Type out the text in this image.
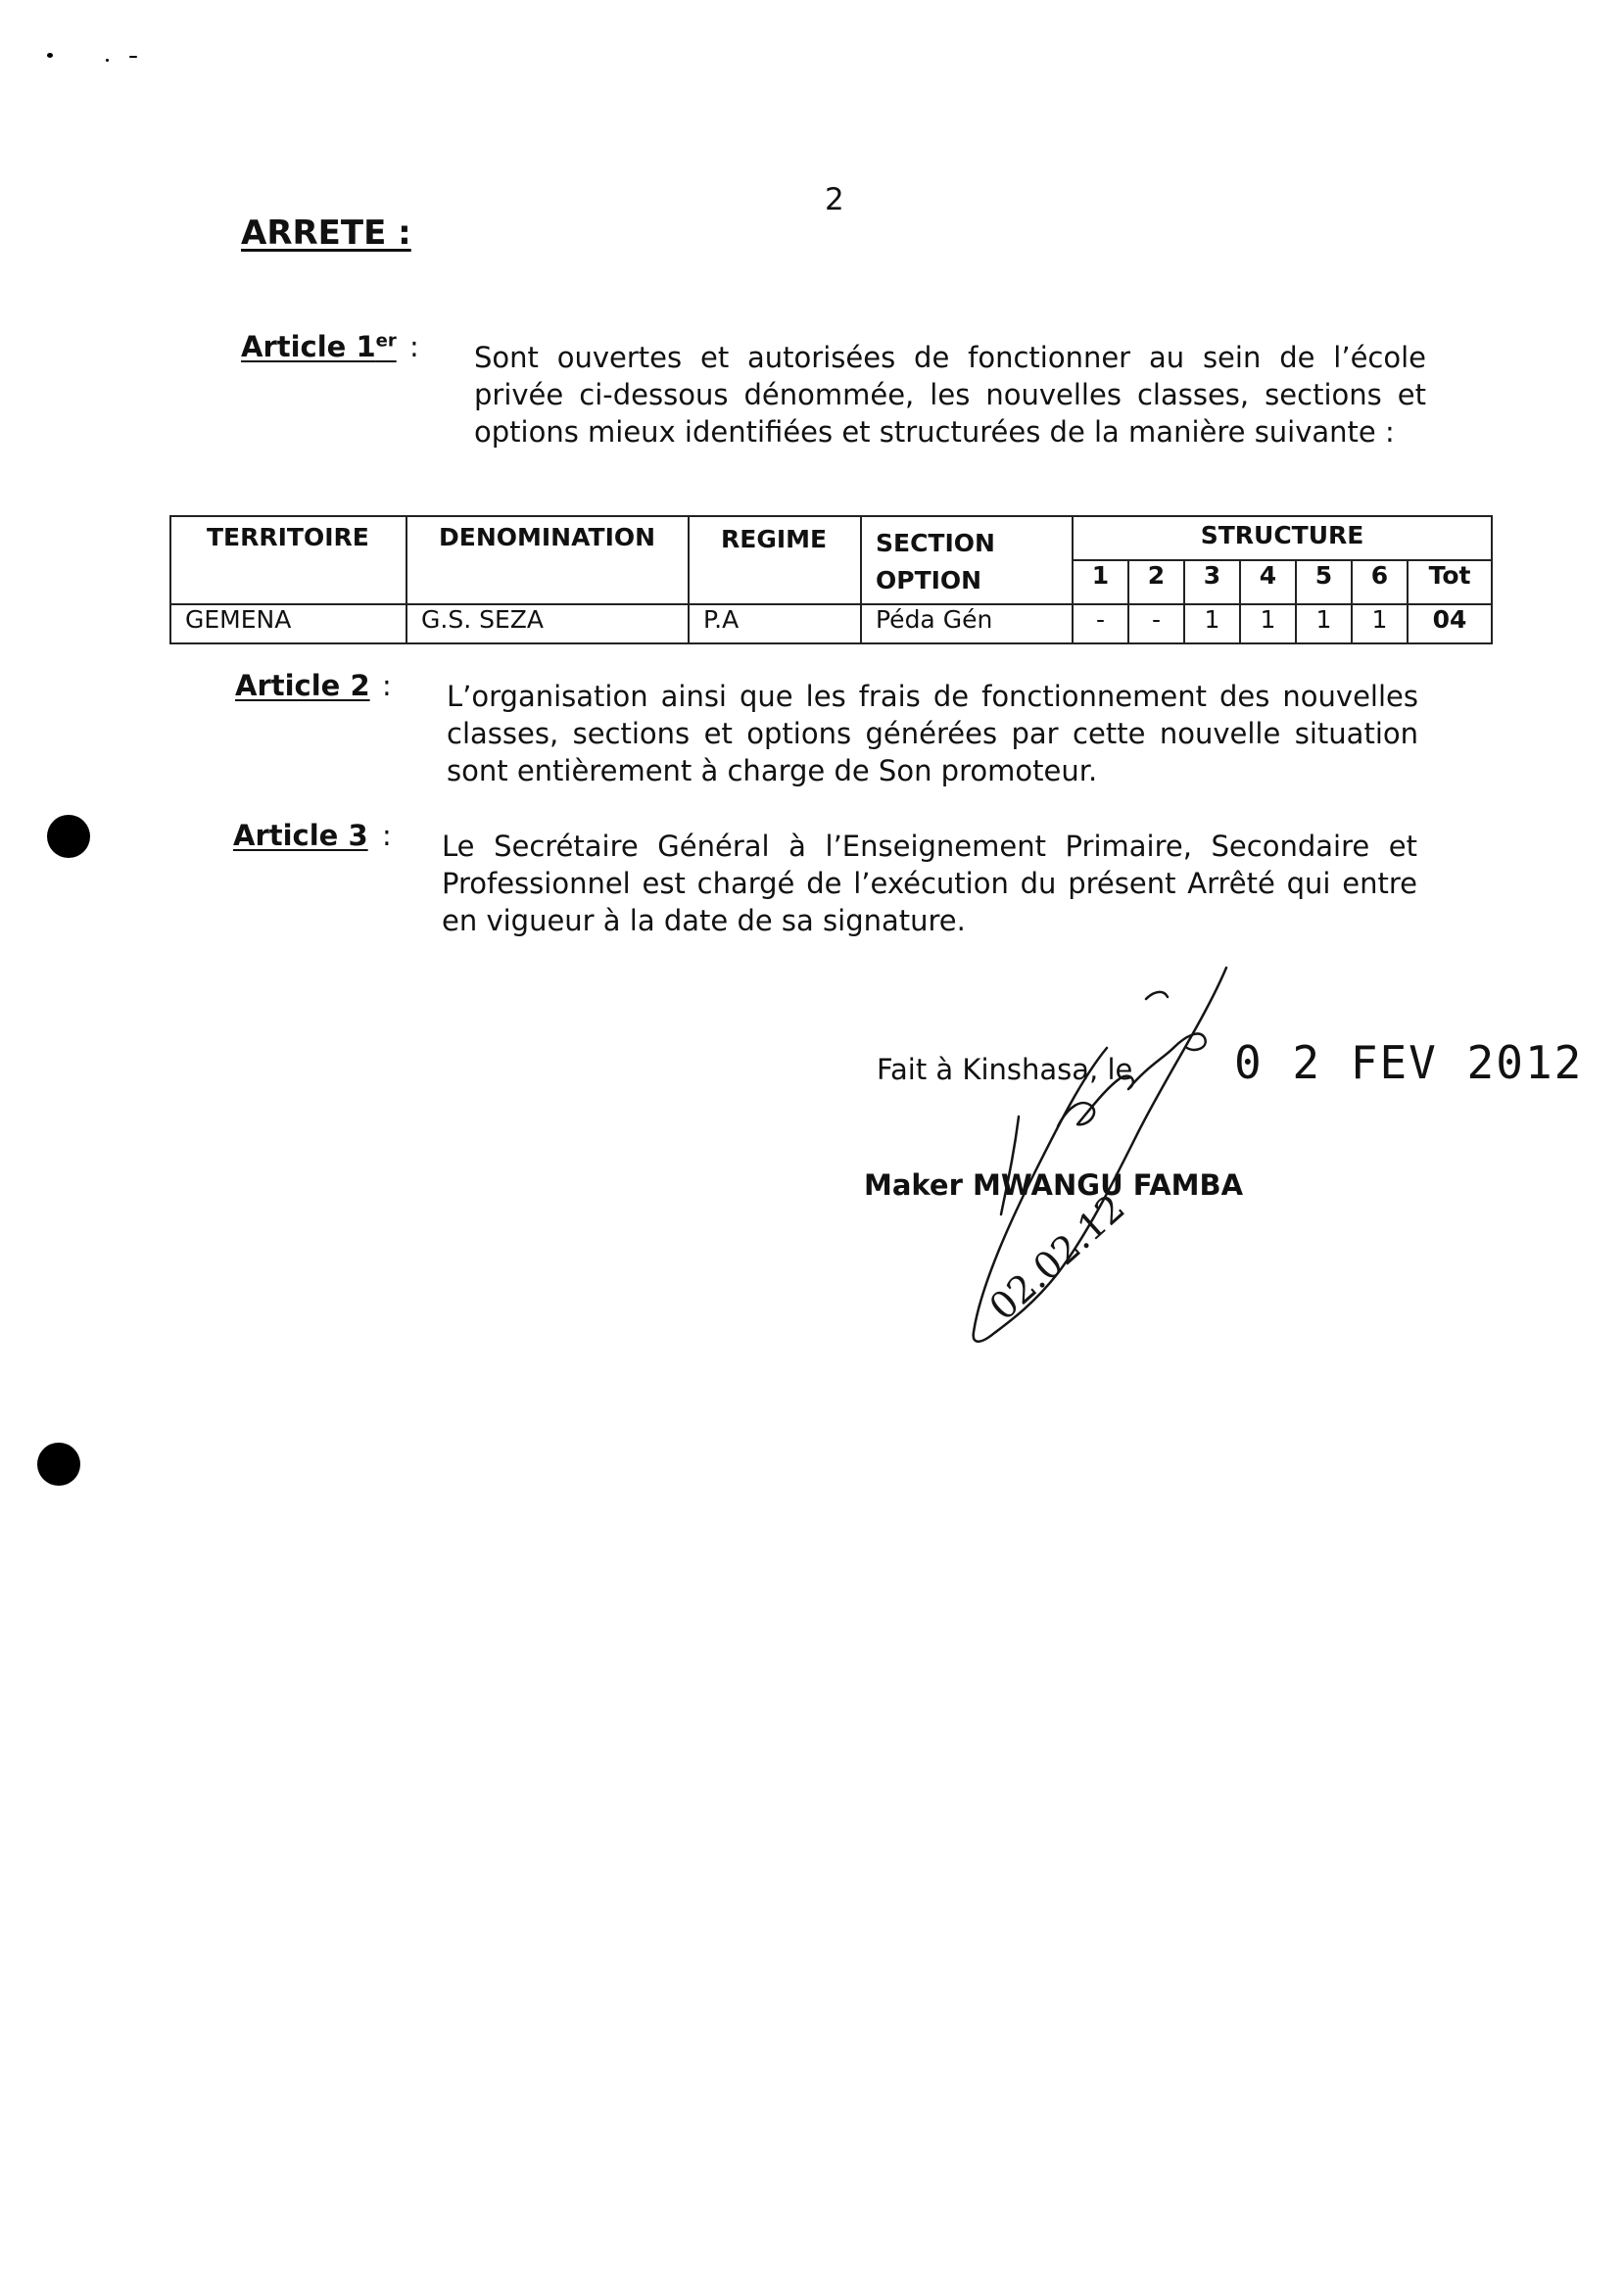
2
ARRETE :
Article 1er : Sont ouvertes et autorisées de fonctionner au sein de l’école privée ci-dessous dénommée, les nouvelles classes, sections et options mieux identifiées et structurées de la manière suivante :
TERRITOIRE	DENOMINATION	REGIME	SECTION OPTION	STRUCTURE						
				1	2	3	4	5	6	Tot
GEMENA	G.S. SEZA	P.A	Péda Gén	-	-	1	1	1	1	04
Article 2 : L’organisation ainsi que les frais de fonctionnement des nouvelles classes, sections et options générées par cette nouvelle situation sont entièrement à charge de Son promoteur.
Article 3 : Le Secrétaire Général à l’Enseignement Primaire, Secondaire et Professionnel est chargé de l’exécution du présent Arrêté qui entre en vigueur à la date de sa signature.
Fait à Kinshasa, le 0 2 FEV 2012
Maker MWANGU FAMBA
02.02.12
